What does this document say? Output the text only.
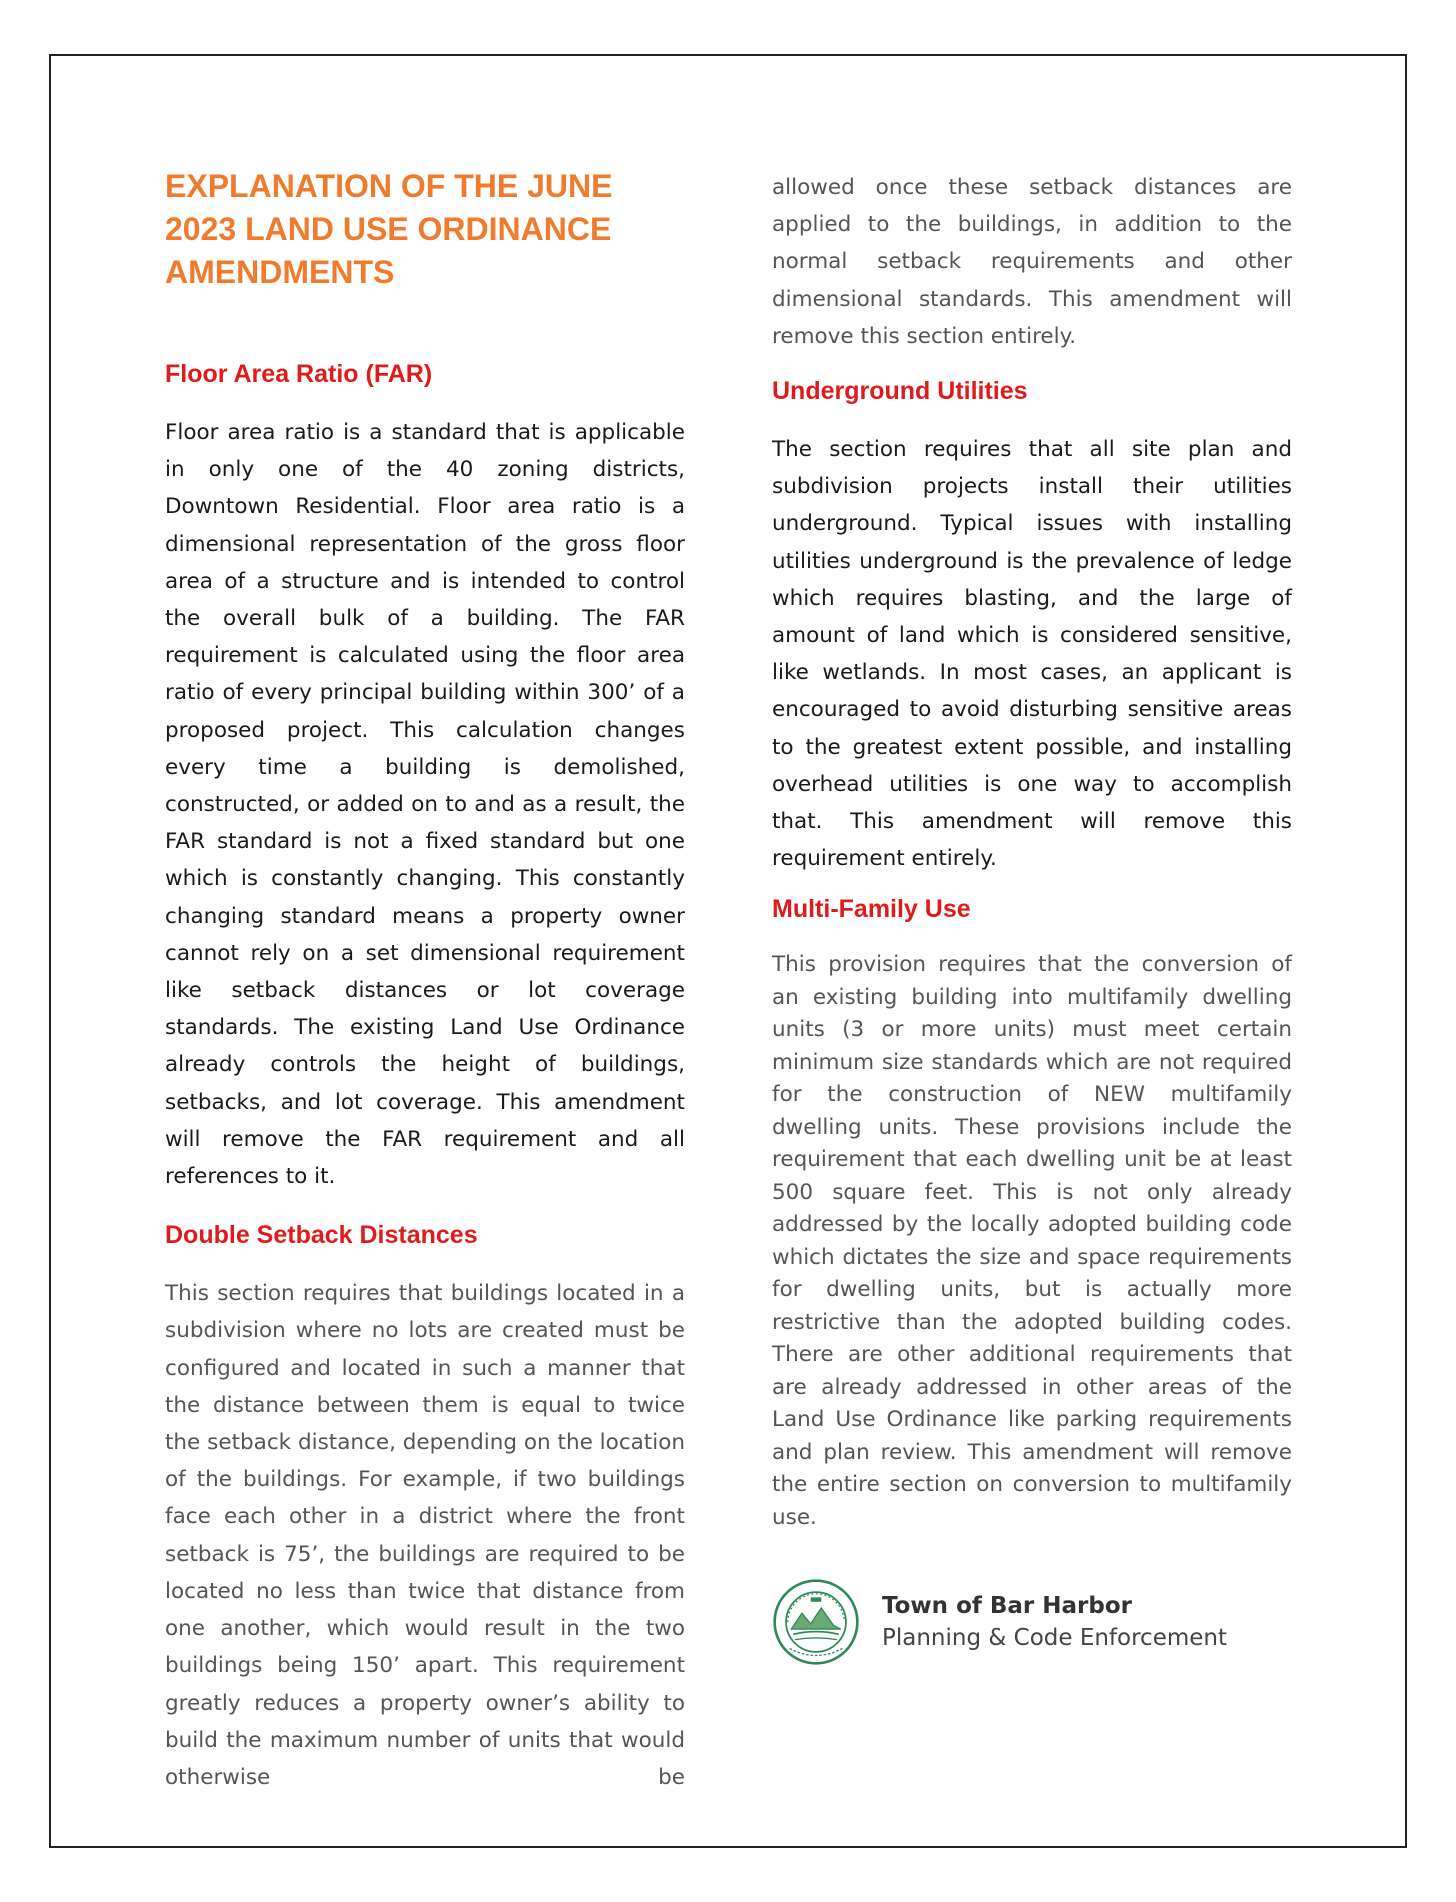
EXPLANATION OF THE JUNE 2023 LAND USE ORDINANCE AMENDMENTS
Floor Area Ratio (FAR)

Floor area ratio is a standard that is applicable in only one of the 40 zoning districts, Downtown Residential. Floor area ratio is a dimensional representation of the gross floor area of a structure and is intended to control the overall bulk of a building. The FAR requirement is calculated using the floor area ratio of every principal building within 300’ of a proposed project. This calculation changes every time a building is demolished, constructed, or added on to and as a result, the FAR standard is not a fixed standard but one which is constantly changing. This constantly changing standard means a property owner cannot rely on a set dimensional requirement like setback distances or lot coverage standards. The existing Land Use Ordinance already controls the height of buildings, setbacks, and lot coverage. This amendment will remove the FAR requirement and all references to it.

Double Setback Distances

This section requires that buildings located in a subdivision where no lots are created must be configured and located in such a manner that the distance between them is equal to twice the setback distance, depending on the location of the buildings. For example, if two buildings face each other in a district where the front setback is 75’, the buildings are required to be located no less than twice that distance from one another, which would result in the two buildings being 150’ apart. This requirement greatly reduces a property owner’s ability to build the maximum number of units that would otherwise be

allowed once these setback distances are applied to the buildings, in addition to the normal setback requirements and other dimensional standards. This amendment will remove this section entirely.

Underground Utilities

The section requires that all site plan and subdivision projects install their utilities underground. Typical issues with installing utilities underground is the prevalence of ledge which requires blasting, and the large of amount of land which is considered sensitive, like wetlands. In most cases, an applicant is encouraged to avoid disturbing sensitive areas to the greatest extent possible, and installing overhead utilities is one way to accomplish that. This amendment will remove this requirement entirely.

Multi-Family Use

This provision requires that the conversion of an existing building into multifamily dwelling units (3 or more units) must meet certain minimum size standards which are not required for the construction of NEW multifamily dwelling units. These provisions include the requirement that each dwelling unit be at least 500 square feet. This is not only already addressed by the locally adopted building code which dictates the size and space requirements for dwelling units, but is actually more restrictive than the adopted building codes. There are other additional requirements that are already addressed in other areas of the Land Use Ordinance like parking requirements and plan review. This amendment will remove the entire section on conversion to multifamily use.

Town of Bar Harbor
Planning & Code Enforcement
